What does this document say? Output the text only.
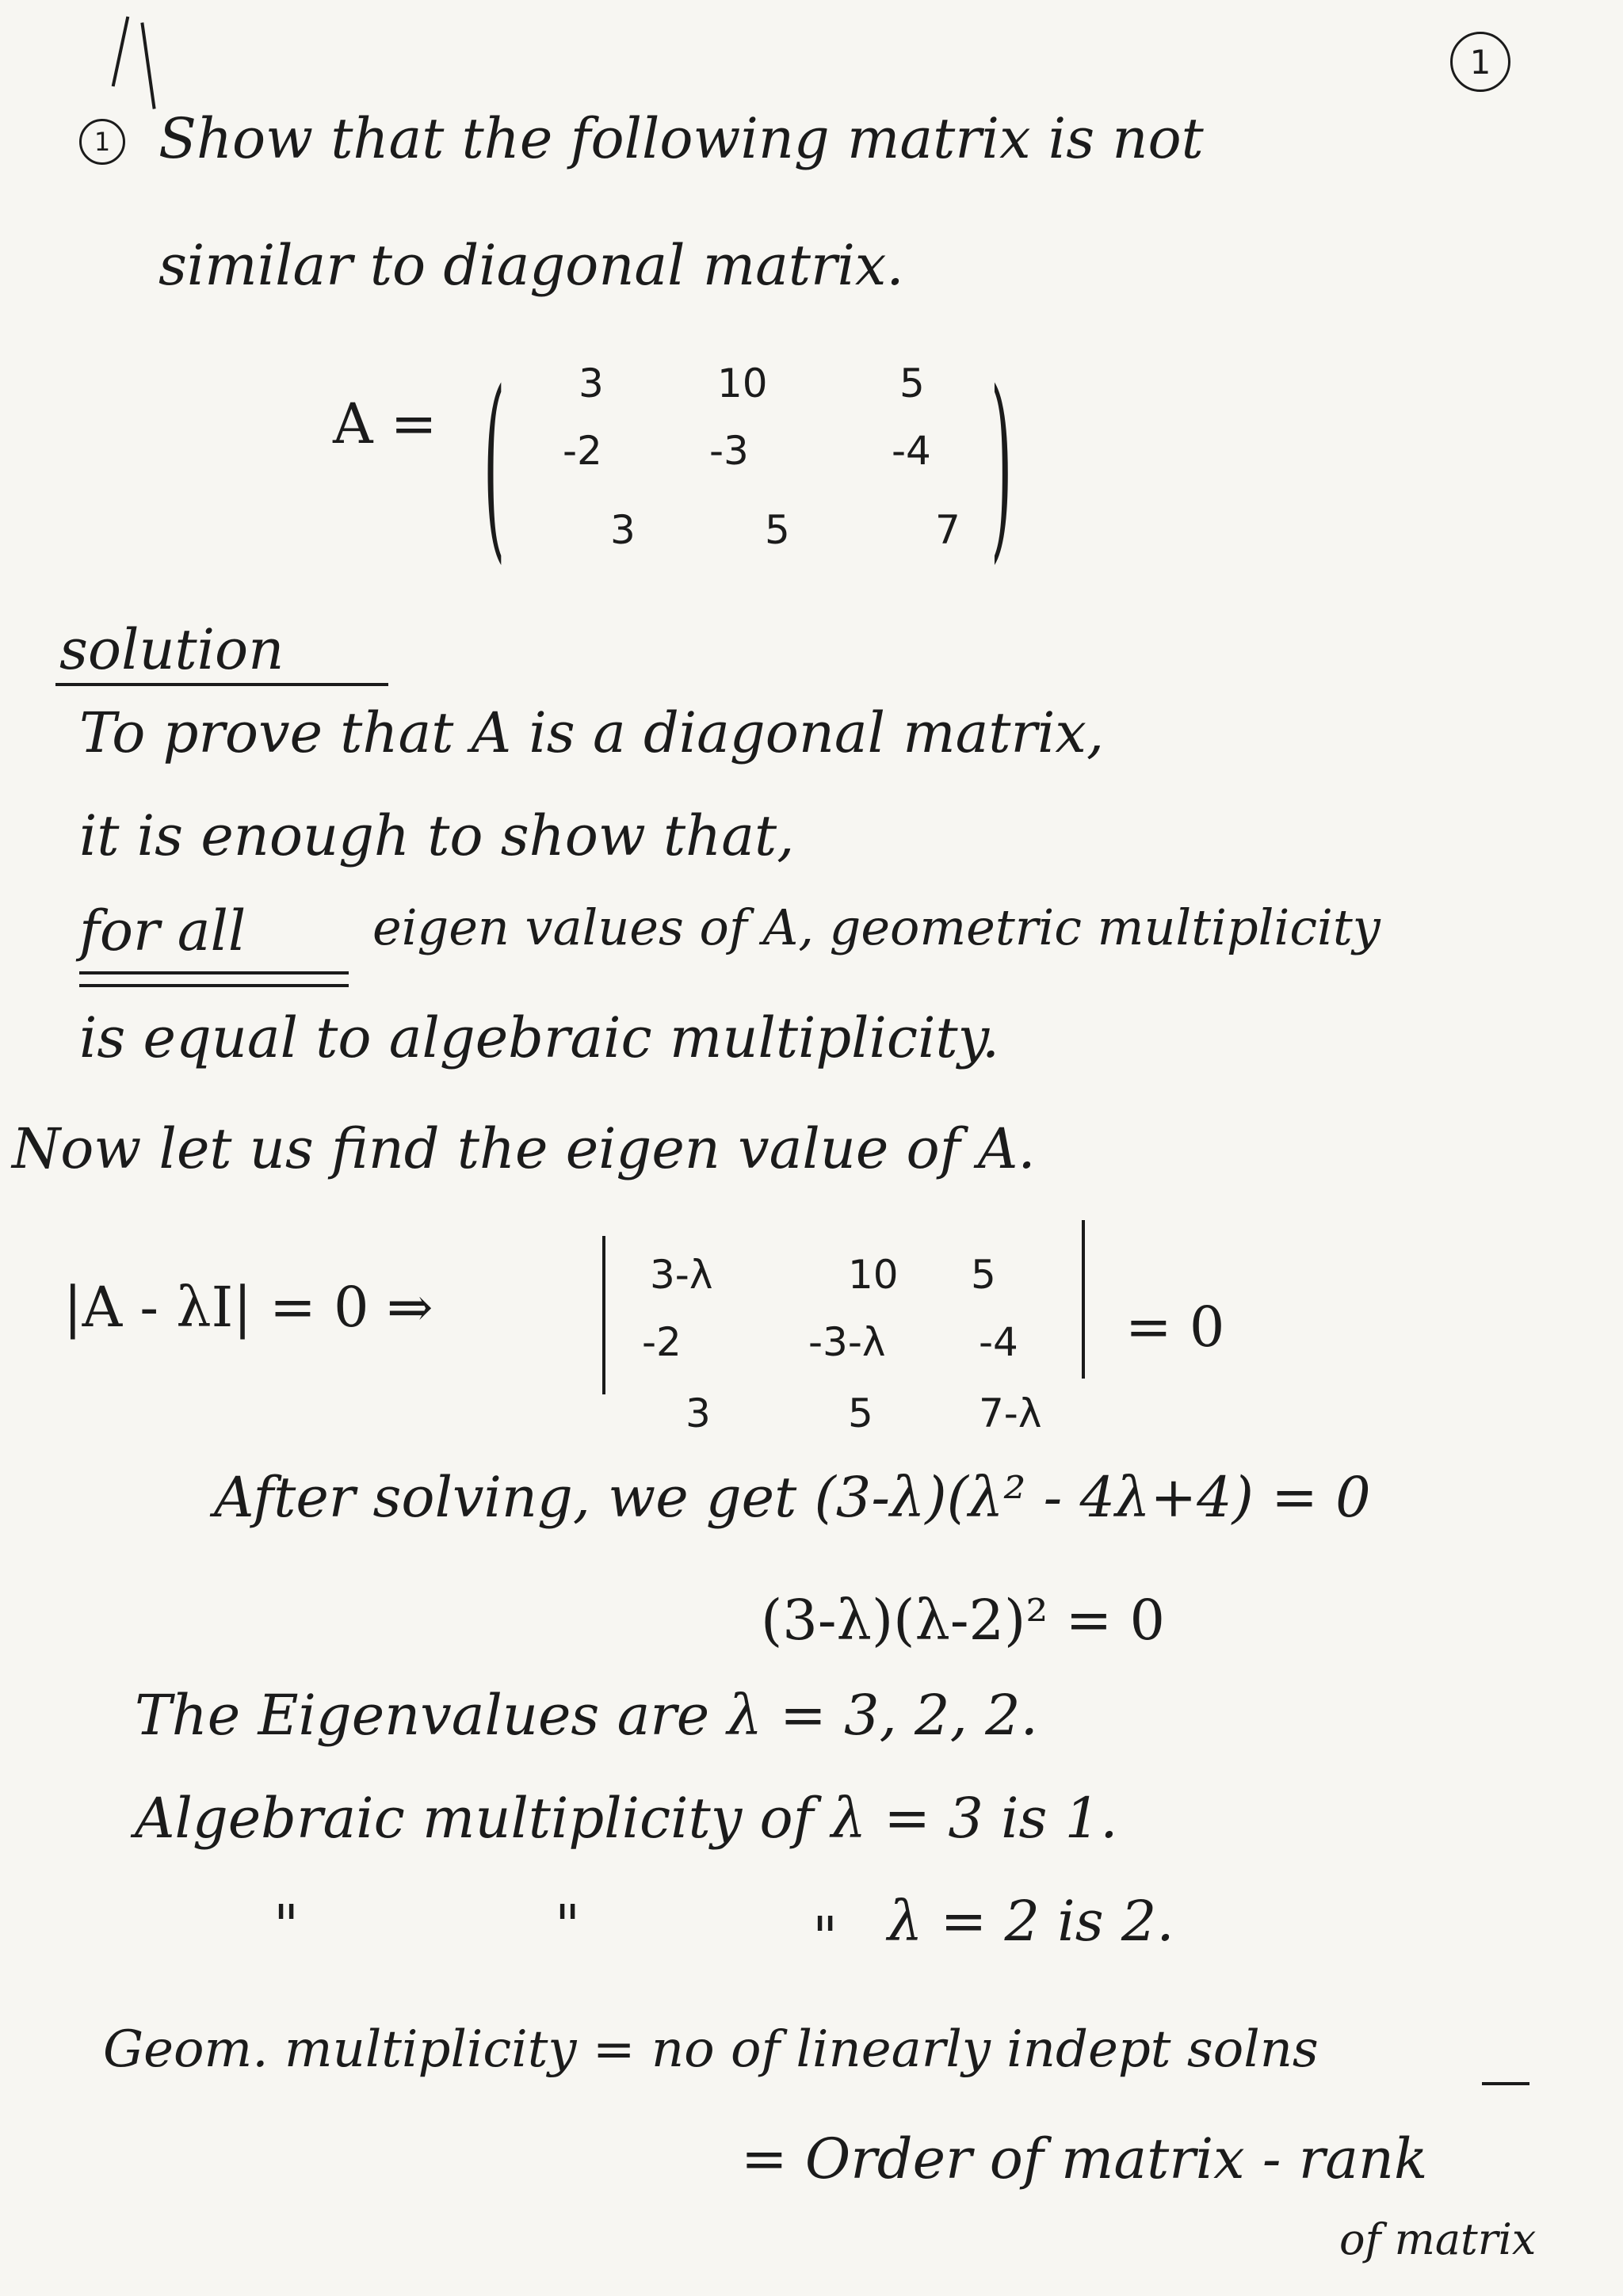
1
1 Show that the following matrix is not
similar to diagonal matrix.
A = (	)
3	10	5
-2	-3	-4
3	5	7
solution
To prove that A is a diagonal matrix,
it is enough to show that,
for all	eigen values of A, geometric multiplicity
is equal to algebraic multiplicity.
Now let us find the eigen value of A.
|A - λI| = 0 ⇒	3-λ	10 5
-2	-3-λ -4
3	5	7-λ
= 0
After solving, we get (3-λ)(λ² - 4λ+4) = 0
(3-λ)(λ-2)² = 0
The Eigenvalues are λ = 3, 2, 2.
Algebraic multiplicity of λ = 3 is 1.
"	"	" λ = 2 is 2.
Geom. multiplicity = no of linearly indept solns
= Order of matrix - rank
of matrix
